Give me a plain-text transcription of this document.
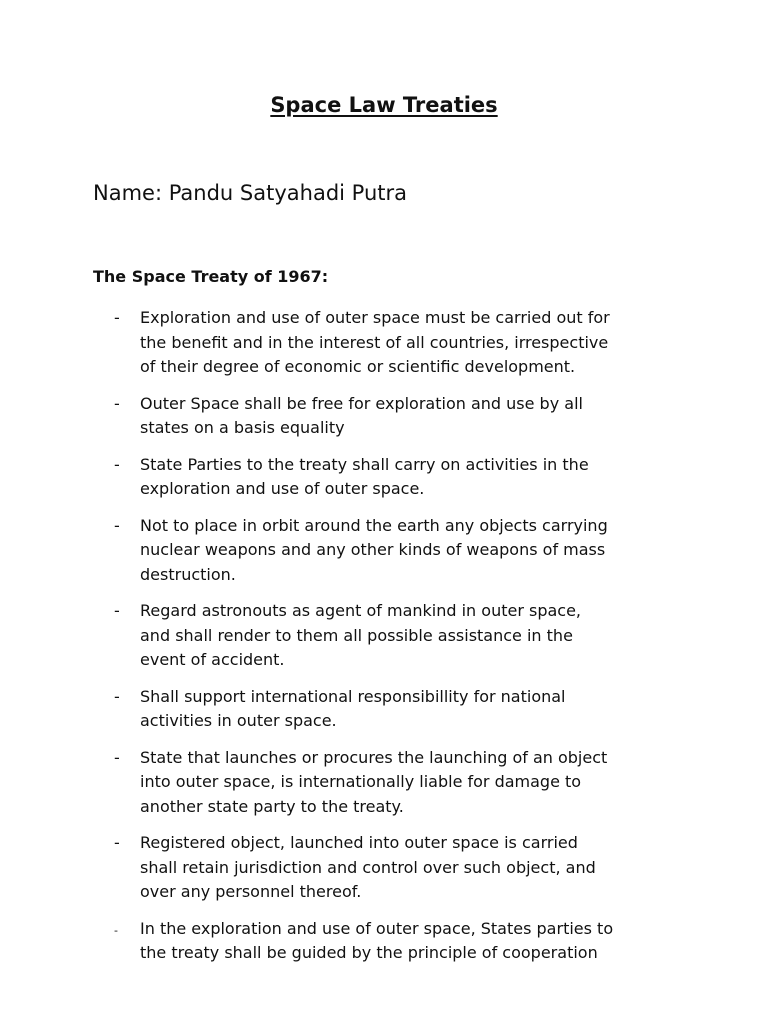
Space Law Treaties

Name: Pandu Satyahadi Putra

The Space Treaty of 1967:

- Exploration and use of outer space must be carried out for
the benefit and in the interest of all countries, irrespective
of their degree of economic or scientific development.
- Outer Space shall be free for exploration and use by all
states on a basis equality
- State Parties to the treaty shall carry on activities in the
exploration and use of outer space.
- Not to place in orbit around the earth any objects carrying
nuclear weapons and any other kinds of weapons of mass
destruction.
- Regard astronouts as agent of mankind in outer space,
and shall render to them all possible assistance in the
event of accident.
- Shall support international responsibillity for national
activities in outer space.
- State that launches or procures the launching of an object
into outer space, is internationally liable for damage to
another state party to the treaty.
- Registered object, launched into outer space is carried
shall retain jurisdiction and control over such object, and
over any personnel thereof.
- In the exploration and use of outer space, States parties to
the treaty shall be guided by the principle of cooperation
